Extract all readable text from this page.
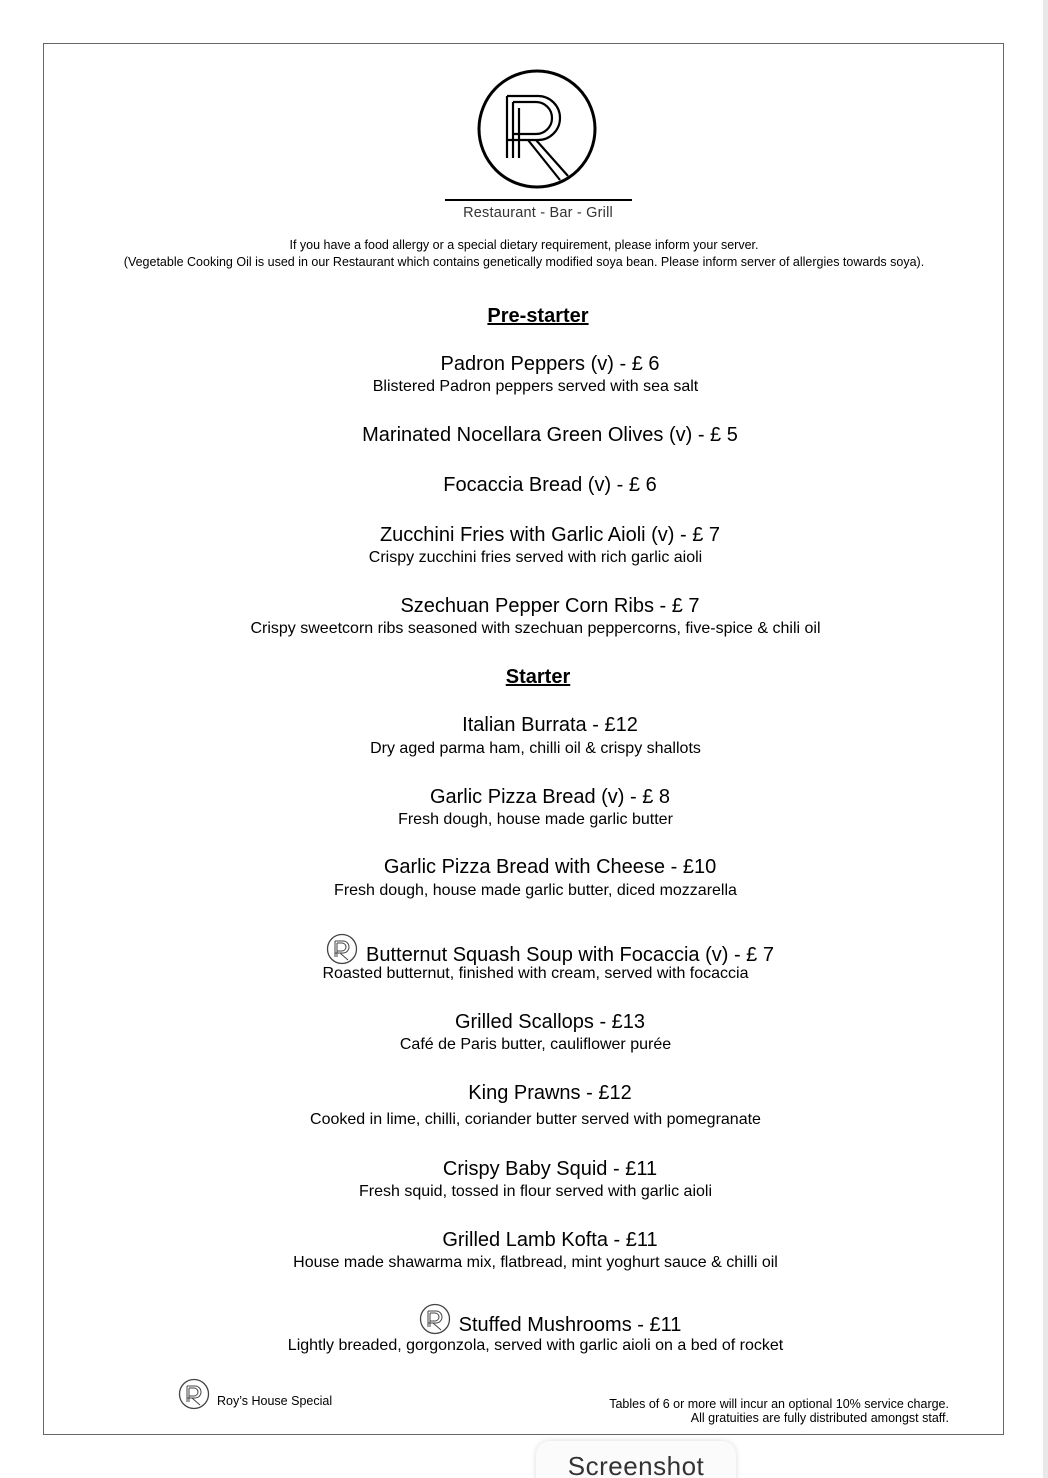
Restaurant - Bar - Grill
If you have a food allergy or a special dietary requirement, please inform your server.
(Vegetable Cooking Oil is used in our Restaurant which contains genetically modified soya bean. Please inform server of allergies towards soya).
Pre-starter
Padron Peppers (v) - £ 6
Blistered Padron peppers served with sea salt
Marinated Nocellara Green Olives (v) - £ 5
Focaccia Bread (v) - £ 6
Zucchini Fries with Garlic Aioli (v) - £ 7
Crispy zucchini fries served with rich garlic aioli
Szechuan Pepper Corn Ribs - £ 7
Crispy sweetcorn ribs seasoned with szechuan peppercorns, five-spice & chili oil
Starter
Italian Burrata - £12
Dry aged parma ham, chilli oil & crispy shallots
Garlic Pizza Bread (v) - £ 8
Fresh dough, house made garlic butter
Garlic Pizza Bread with Cheese - £10
Fresh dough, house made garlic butter, diced mozzarella
Butternut Squash Soup with Focaccia (v) - £ 7
Roasted butternut, finished with cream, served with focaccia
Grilled Scallops - £13
Café de Paris butter, cauliflower purée
King Prawns - £12
Cooked in lime, chilli, coriander butter served with pomegranate
Crispy Baby Squid - £11
Fresh squid, tossed in flour served with garlic aioli
Grilled Lamb Kofta - £11
House made shawarma mix, flatbread, mint yoghurt sauce & chilli oil
Stuffed Mushrooms - £11
Lightly breaded, gorgonzola, served with garlic aioli on a bed of rocket
Roy’s House Special	Tables of 6 or more will incur an optional 10% service charge.
All gratuities are fully distributed amongst staff.
Screenshot
